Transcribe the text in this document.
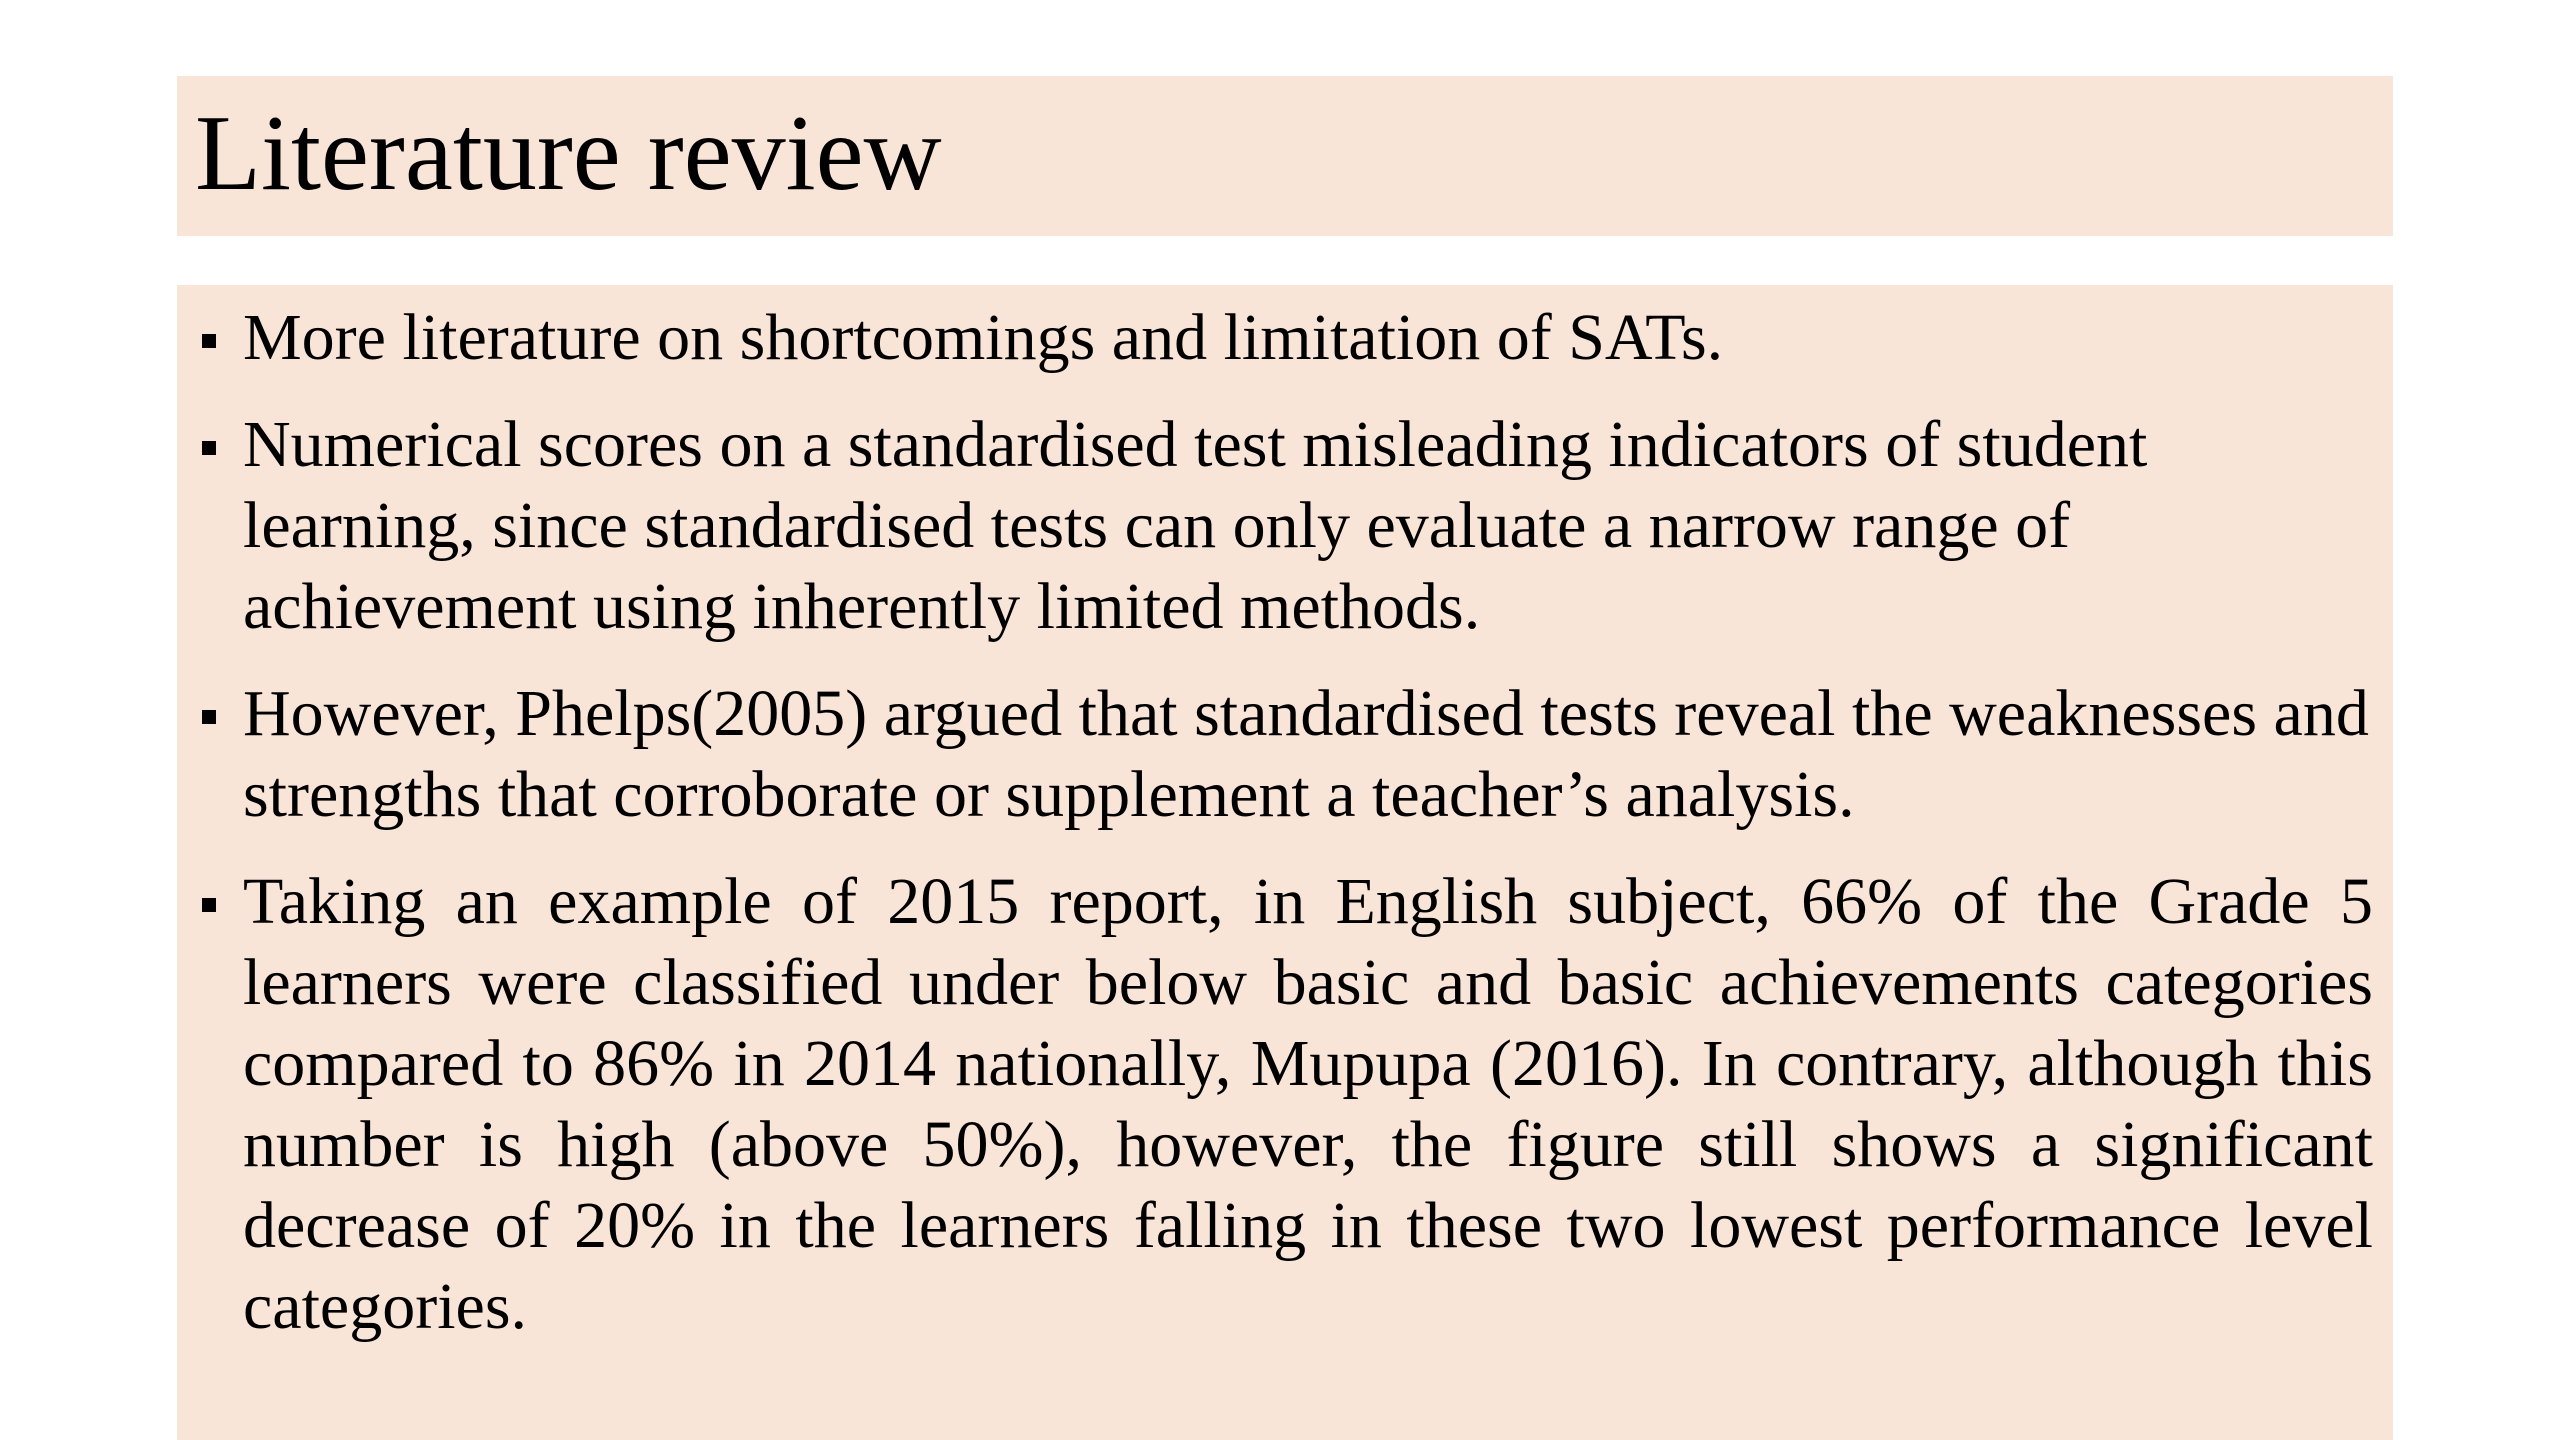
Literature review
More literature on shortcomings and limitation of SATs.
Numerical scores on a standardised test misleading indicators of student learning, since standardised tests can only evaluate a narrow range of achievement using inherently limited methods.
However, Phelps(2005) argued that standardised tests reveal the weaknesses and strengths that corroborate or supplement a teacher’s analysis.
Taking an example of 2015 report, in English subject, 66% of the Grade 5 learners were classified under below basic and basic achievements categories compared to 86% in 2014 nationally, Mupupa (2016). In contrary, although this number is high (above 50%), however, the figure still shows a significant decrease of 20% in the learners falling in these two lowest performance level categories.
